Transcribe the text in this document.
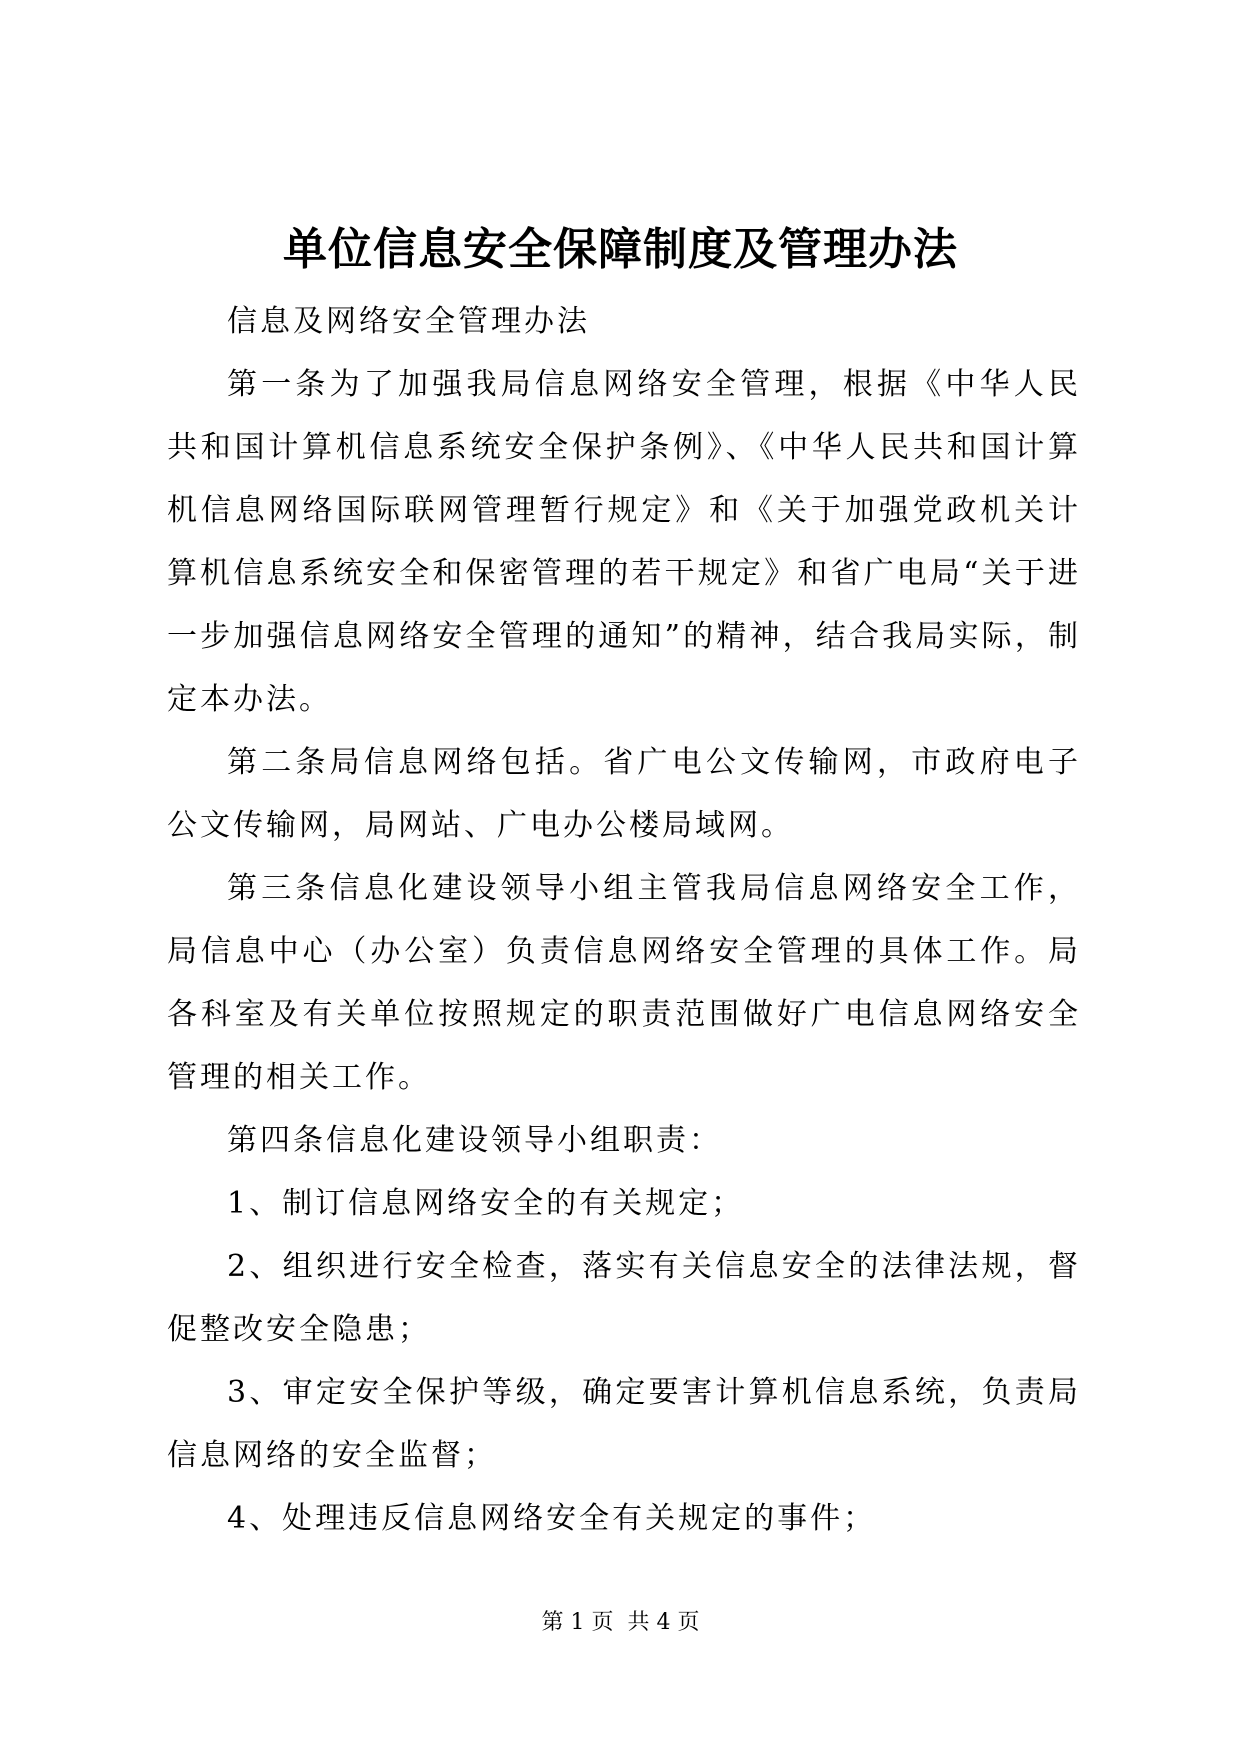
单位信息安全保障制度及管理办法

信息及网络安全管理办法

第一条为了加强我局信息网络安全管理，根据《中华人民共和国计算机信息系统安全保护条例》、《中华人民共和国计算机信息网络国际联网管理暂行规定》和《关于加强党政机关计算机信息系统安全和保密管理的若干规定》和省广电局“关于进一步加强信息网络安全管理的通知”的精神，结合我局实际，制定本办法。

第二条局信息网络包括。省广电公文传输网，市政府电子公文传输网，局网站、广电办公楼局域网。

第三条信息化建设领导小组主管我局信息网络安全工作，局信息中心（办公室）负责信息网络安全管理的具体工作。局各科室及有关单位按照规定的职责范围做好广电信息网络安全管理的相关工作。

第四条信息化建设领导小组职责：

1、制订信息网络安全的有关规定；

2、组织进行安全检查，落实有关信息安全的法律法规，督促整改安全隐患；

3、审定安全保护等级，确定要害计算机信息系统，负责局信息网络的安全监督；

4、处理违反信息网络安全有关规定的事件；

第 1 页 共 4 页
